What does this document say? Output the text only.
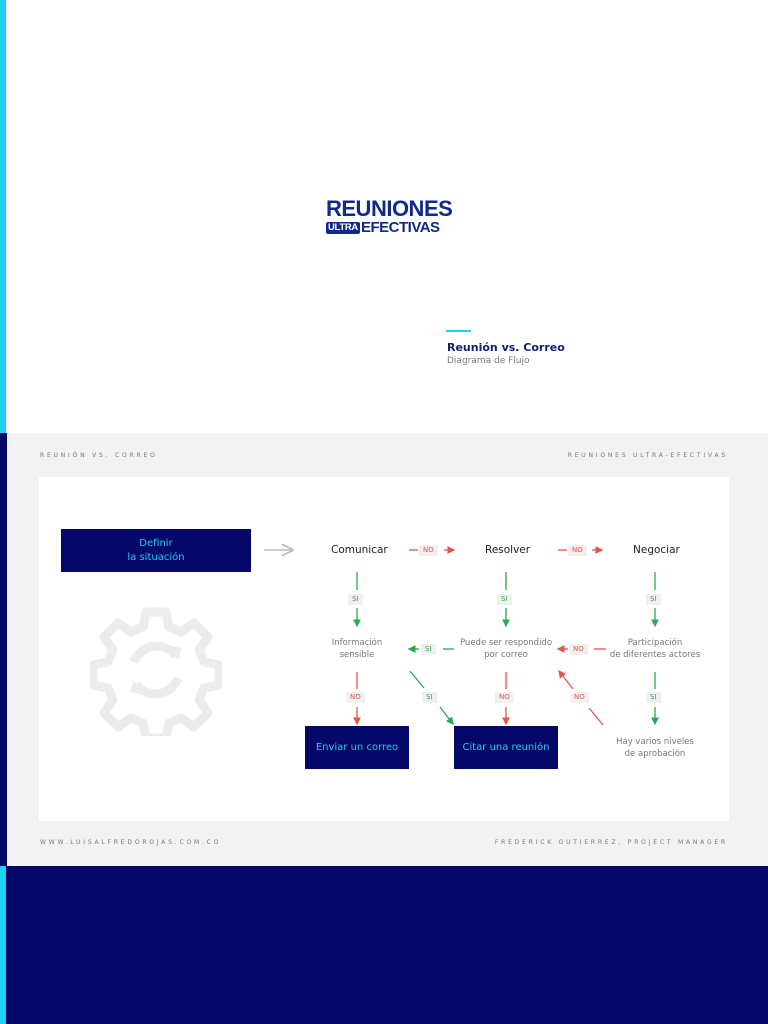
REUNIONES
ULTRA EFECTIVAS
Reunión vs. Correo
Diagrama de Flujo
REUNIÓN VS. CORREO	REUNIONES ULTRA-EFECTIVAS
WWW.LUISALFREDOROJAS.COM.CO	FREDERICK GUTIERREZ, PROJECT MANAGER
Definir
la situación
Comunicar	Resolver	Negociar
NO	NO
SI	SI	SI
SI	NO
NO	SI	NO	NO	SI
Información
sensible
Puede ser respondido
por correo
Participación
de diferentes actores
Hay varios niveles
de aprobación
Enviar un correo	Citar una reunión
